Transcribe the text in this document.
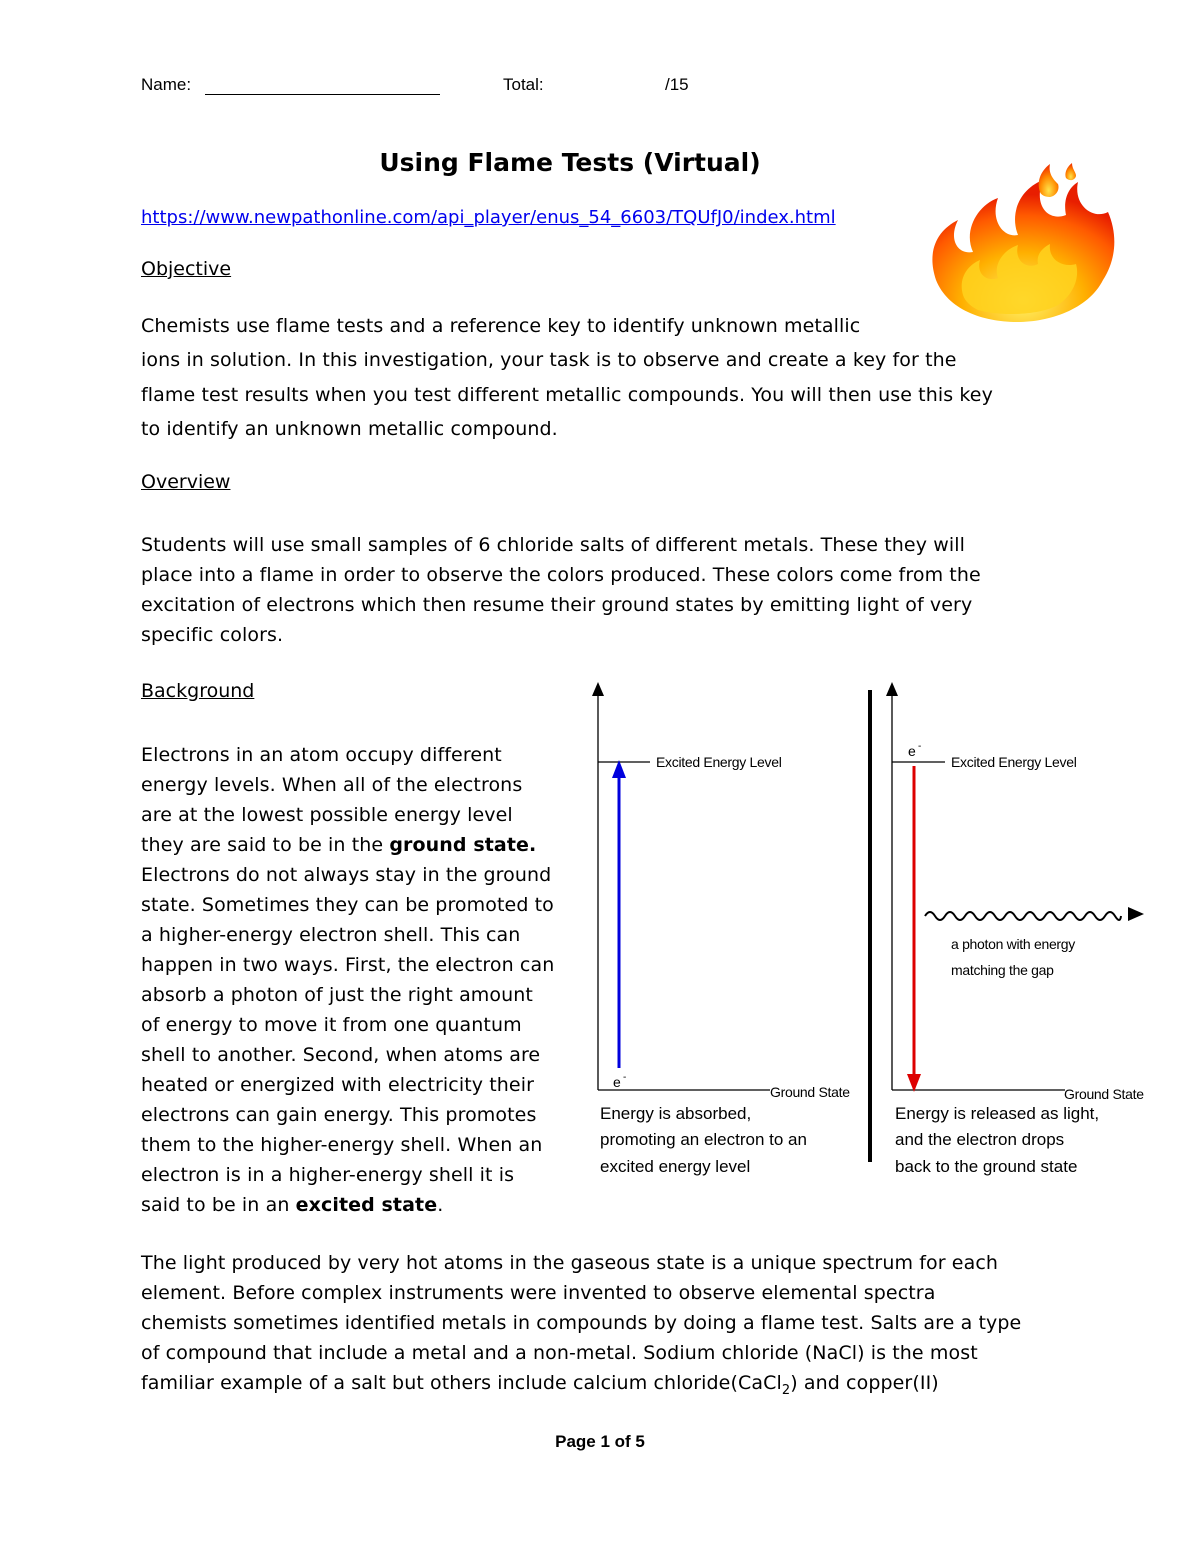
Name:	Total:	/15
Using Flame Tests (Virtual)
https://www.newpathonline.com/api_player/enus_54_6603/TQUfJ0/index.html
Objective
Chemists use flame tests and a reference key to identify unknown metallic
ions in solution. In this investigation, your task is to observe and create a key for the
flame test results when you test different metallic compounds. You will then use this key
to identify an unknown metallic compound.
Overview
Students will use small samples of 6 chloride salts of different metals. These they will
place into a flame in order to observe the colors produced. These colors come from the
excitation of electrons which then resume their ground states by emitting light of very
specific colors.
Background

Electrons in an atom occupy different

energy levels. When all of the electrons

are at the lowest possible energy level

they are said to be in the ground state.

Electrons do not always stay in the ground

state. Sometimes they can be promoted to

a higher-energy electron shell. This can

happen in two ways. First, the electron can

absorb a photon of just the right amount

of energy to move it from one quantum

shell to another. Second, when atoms are

heated or energized with electricity their

electrons can gain energy. This promotes

them to the higher-energy shell. When an

electron is in a higher-energy shell it is

said to be in an excited state.

Excited Energy Level
Ground State
e -
Energy is absorbed,
promoting an electron to an
excited energy level
Excited Energy Level
Ground State
e -
a photon with energy
matching the gap
Energy is released as light,
and the electron drops
back to the ground state

The light produced by very hot atoms in the gaseous state is a unique spectrum for each

element. Before complex instruments were invented to observe elemental spectra

chemists sometimes identified metals in compounds by doing a flame test. Salts are a type

of compound that include a metal and a non-metal. Sodium chloride (NaCl) is the most

familiar example of a salt but others include calcium chloride(CaCl$_2$) and copper(II)

Page 1 of 5
